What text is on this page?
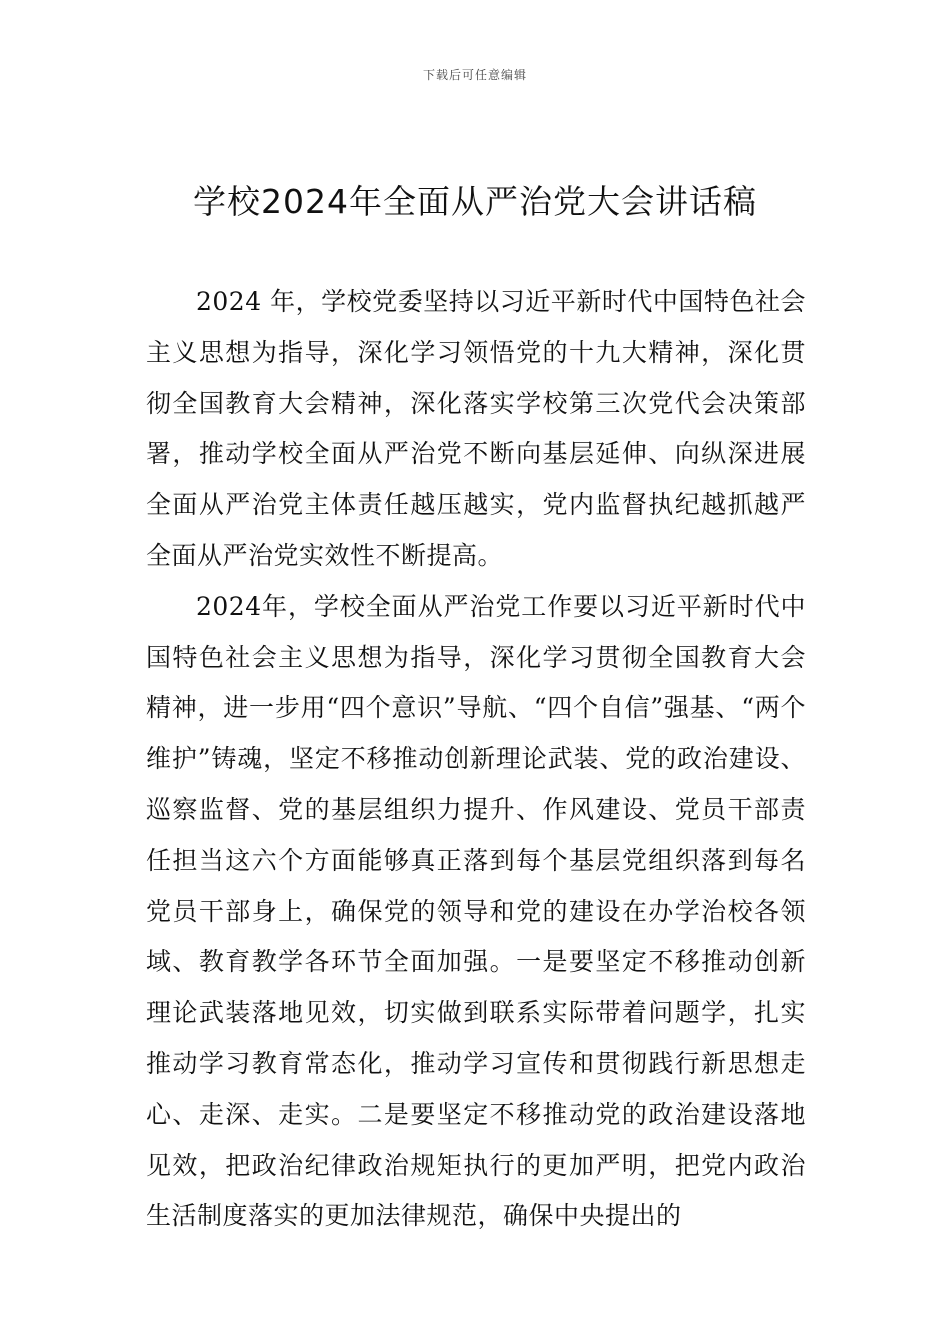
下载后可任意编辑
学校2024年全面从严治党大会讲话稿

2024 年，学校党委坚持以习近平新时代中国特色社会主义思想为指导，深化学习领悟党的十九大精神，深化贯彻全国教育大会精神，深化落实学校第三次党代会决策部署，推动学校全面从严治党不断向基层延伸、向纵深进展全面从严治党主体责任越压越实，党内监督执纪越抓越严全面从严治党实效性不断提高。

2024年，学校全面从严治党工作要以习近平新时代中国特色社会主义思想为指导，深化学习贯彻全国教育大会精神，进一步用“四个意识”导航、“四个自信”强基、“两个维护”铸魂，坚定不移推动创新理论武装、党的政治建设、巡察监督、党的基层组织力提升、作风建设、党员干部责任担当这六个方面能够真正落到每个基层党组织落到每名党员干部身上，确保党的领导和党的建设在办学治校各领域、教育教学各环节全面加强。一是要坚定不移推动创新理论武装落地见效，切实做到联系实际带着问题学，扎实推动学习教育常态化，推动学习宣传和贯彻践行新思想走心、走深、走实。二是要坚定不移推动党的政治建设落地见效，把政治纪律政治规矩执行的更加严明，把党内政治生活制度落实的更加法律规范，确保中央提出的
